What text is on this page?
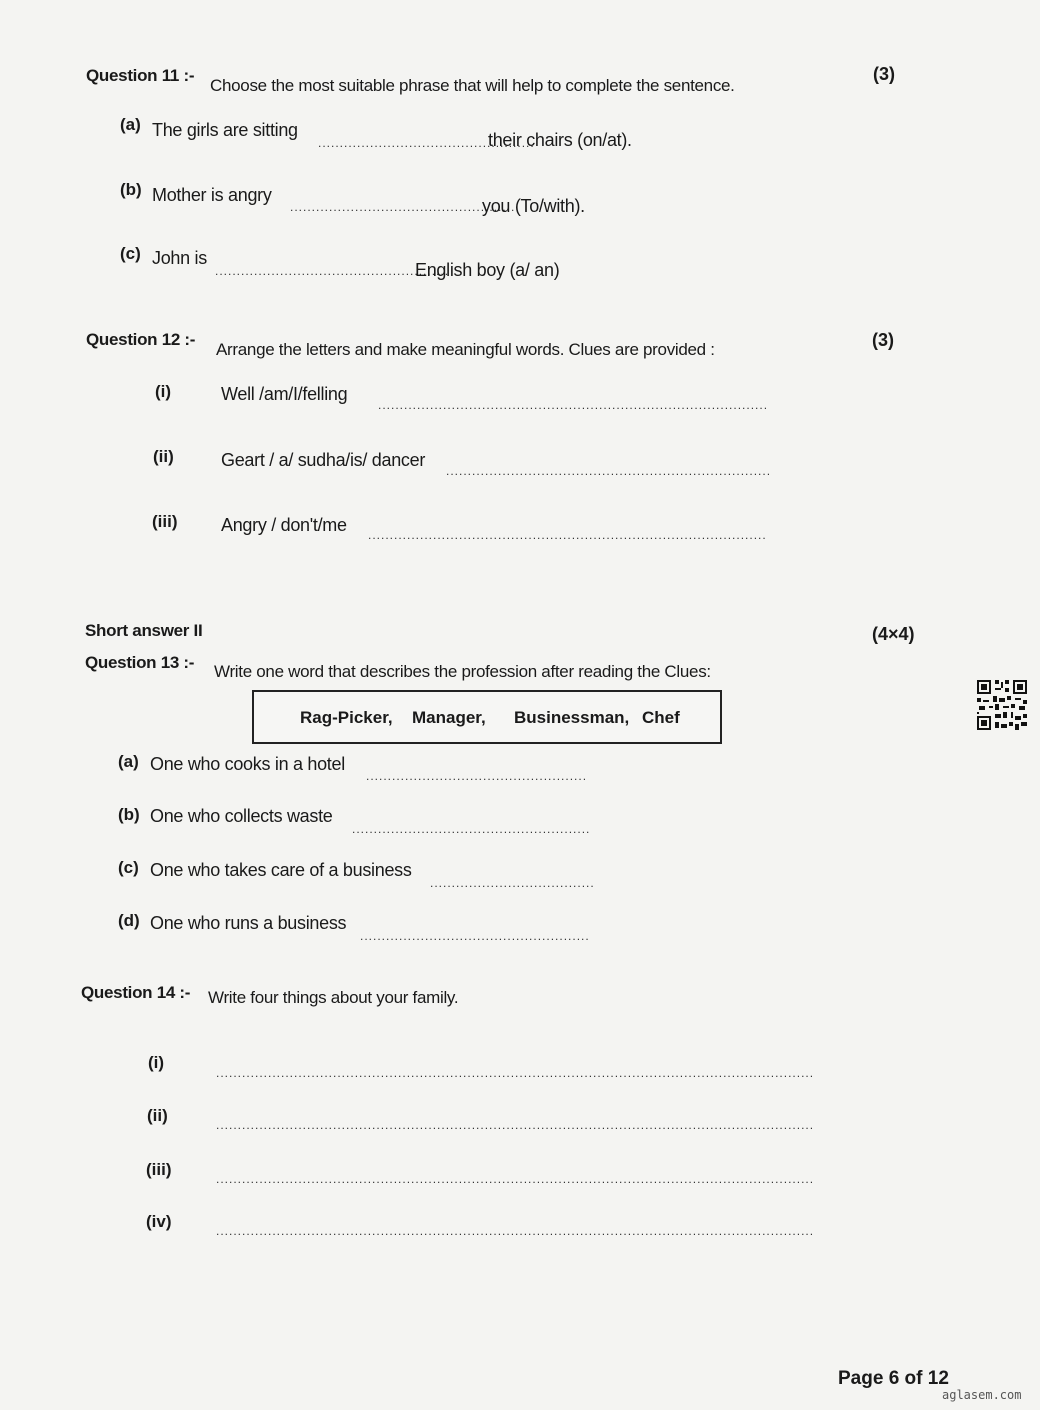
Question 11 :-
Choose the most suitable phrase that will help to complete the sentence.
(3)
(a) The girls are sitting
..................................................
their chairs (on/at).
(b) Mother is angry
....................................................
you (To/with).
(c) John is
......................................................
English boy (a/ an)
Question 12 :-
Arrange the letters and make meaningful words. Clues are provided :	(3)
(i)	Well /am/I/felling
..........................................................................................
(ii)	Geart / a/ sudha/is/ dancer
...........................................................................
(iii) Angry / don't/me ............................................................................................
Short answer II	(4×4)
Question 13 :- Write one word that describes the profession after reading the Clues:
Rag-Picker, Manager, Businessman, Chef
(a) One who cooks in a hotel
...................................................
(b) One who collects waste
.......................................................
(c) One who takes care of a business
......................................
(d) One who runs a business
.....................................................
Question 14 :- Write four things about your family.
(i)
..........................................................................................................................................
(ii)	..........................................................................................................................................
(iii)	..........................................................................................................................................
(iv)	..........................................................................................................................................
Page 6 of 12
aglasem.com
